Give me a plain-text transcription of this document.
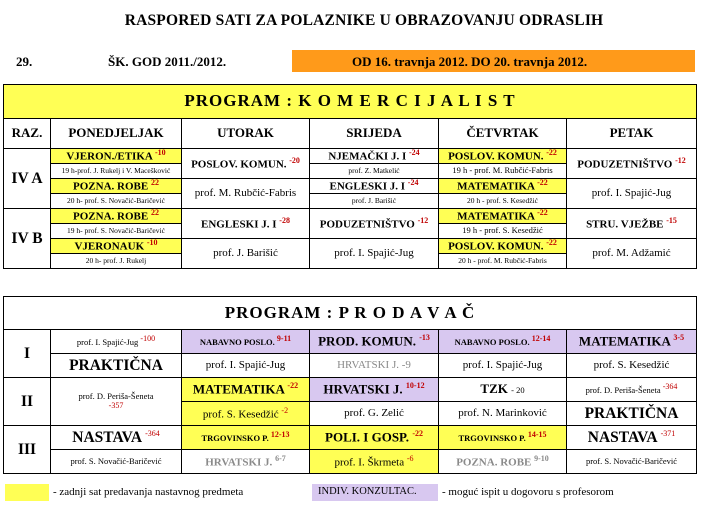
RASPORED SATI ZA POLAZNIKE U OBRAZOVANJU ODRASLIH
29.	ŠK. GOD 2011./2012.	OD 16. travnja 2012. DO 20. travnja 2012.
PROGRAM : K O M E R C I J A L I S T					
RAZ.	PONEDJELJAK	UTORAK	SRIJEDA	ČETVRTAK	PETAK
IV A	VJERON./ETIKA $^{-10}$	POSLOV. KOMUN. $^{-20}$	NJEMAČKI J. I $^{-24}$	POSLOV. KOMUN. $^{-22}$	PODUZETNIŠTVO $^{-12}$
	19 h-prof. J. Rukelj i V. Macešković		prof. Z. Matkelić	19 h - prof. M. Rubčić-Fabris	
	POZNA. ROBE $^{22}$	prof. M. Rubčić-Fabris	ENGLESKI J. I $^{-24}$	MATEMATIKA $^{-22}$	prof. I. Spajić-Jug
	20 h- prof. S. Novačić-Baričević		prof. J. Barišić	20 h - prof. S. Kesedžić	
IV B	POZNA. ROBE $^{22}$	ENGLESKI J. I $^{-28}$	PODUZETNIŠTVO $^{-12}$	MATEMATIKA $^{-22}$	STRU. VJEŽBE $^{-15}$
	19 h- prof. S. Novačić-Baričević			19 h - prof. S. Kesedžić	
	VJERONAUK $^{-10}$	prof. J. Barišić	prof. I. Spajić-Jug	POSLOV. KOMUN. $^{-22}$	prof. M. Adžamić
	20 h- prof. J. Rukelj			20 h - prof. M. Rubčić-Fabris	
PROGRAM : P R O D A V A Č					
I	prof. I. Spajić-Jug -100	NABAVNO POSLO. 9-11	PROD. KOMUN. $^{-13}$	NABAVNO POSLO. 12-14	MATEMATIKA $^{3-5}$
	PRAKTIČNA	prof. I. Spajić-Jug	HRVATSKI J. -9	prof. I. Spajić-Jug	prof. S. Kesedžić
II	prof. D. Periša-Šeneta
-357	MATEMATIKA $^{-22}$	HRVATSKI J. $^{10-12}$	TZK - 20	prof. D. Periša-Šeneta -364
		prof. S. Kesedžić $^{-2}$	prof. G. Zelić	prof. N. Marinković	PRAKTIČNA
III	NASTAVA $^{-364}$	TRGOVINSKO P. 12-13	POLI. I GOSP. $^{-22}$	TRGOVINSKO P. 14-15	NASTAVA $^{-371}$
	prof. S. Novačić-Baričević	HRVATSKI J. $^{6-7}$	prof. I. Škrmeta $^{-6}$	POZNA. ROBE $^{9-10}$	prof. S. Novačić-Baričević
- zadnji sat predavanja nastavnog predmeta	INDIV. KONZULTAC. - moguć ispit u dogovoru s profesorom
